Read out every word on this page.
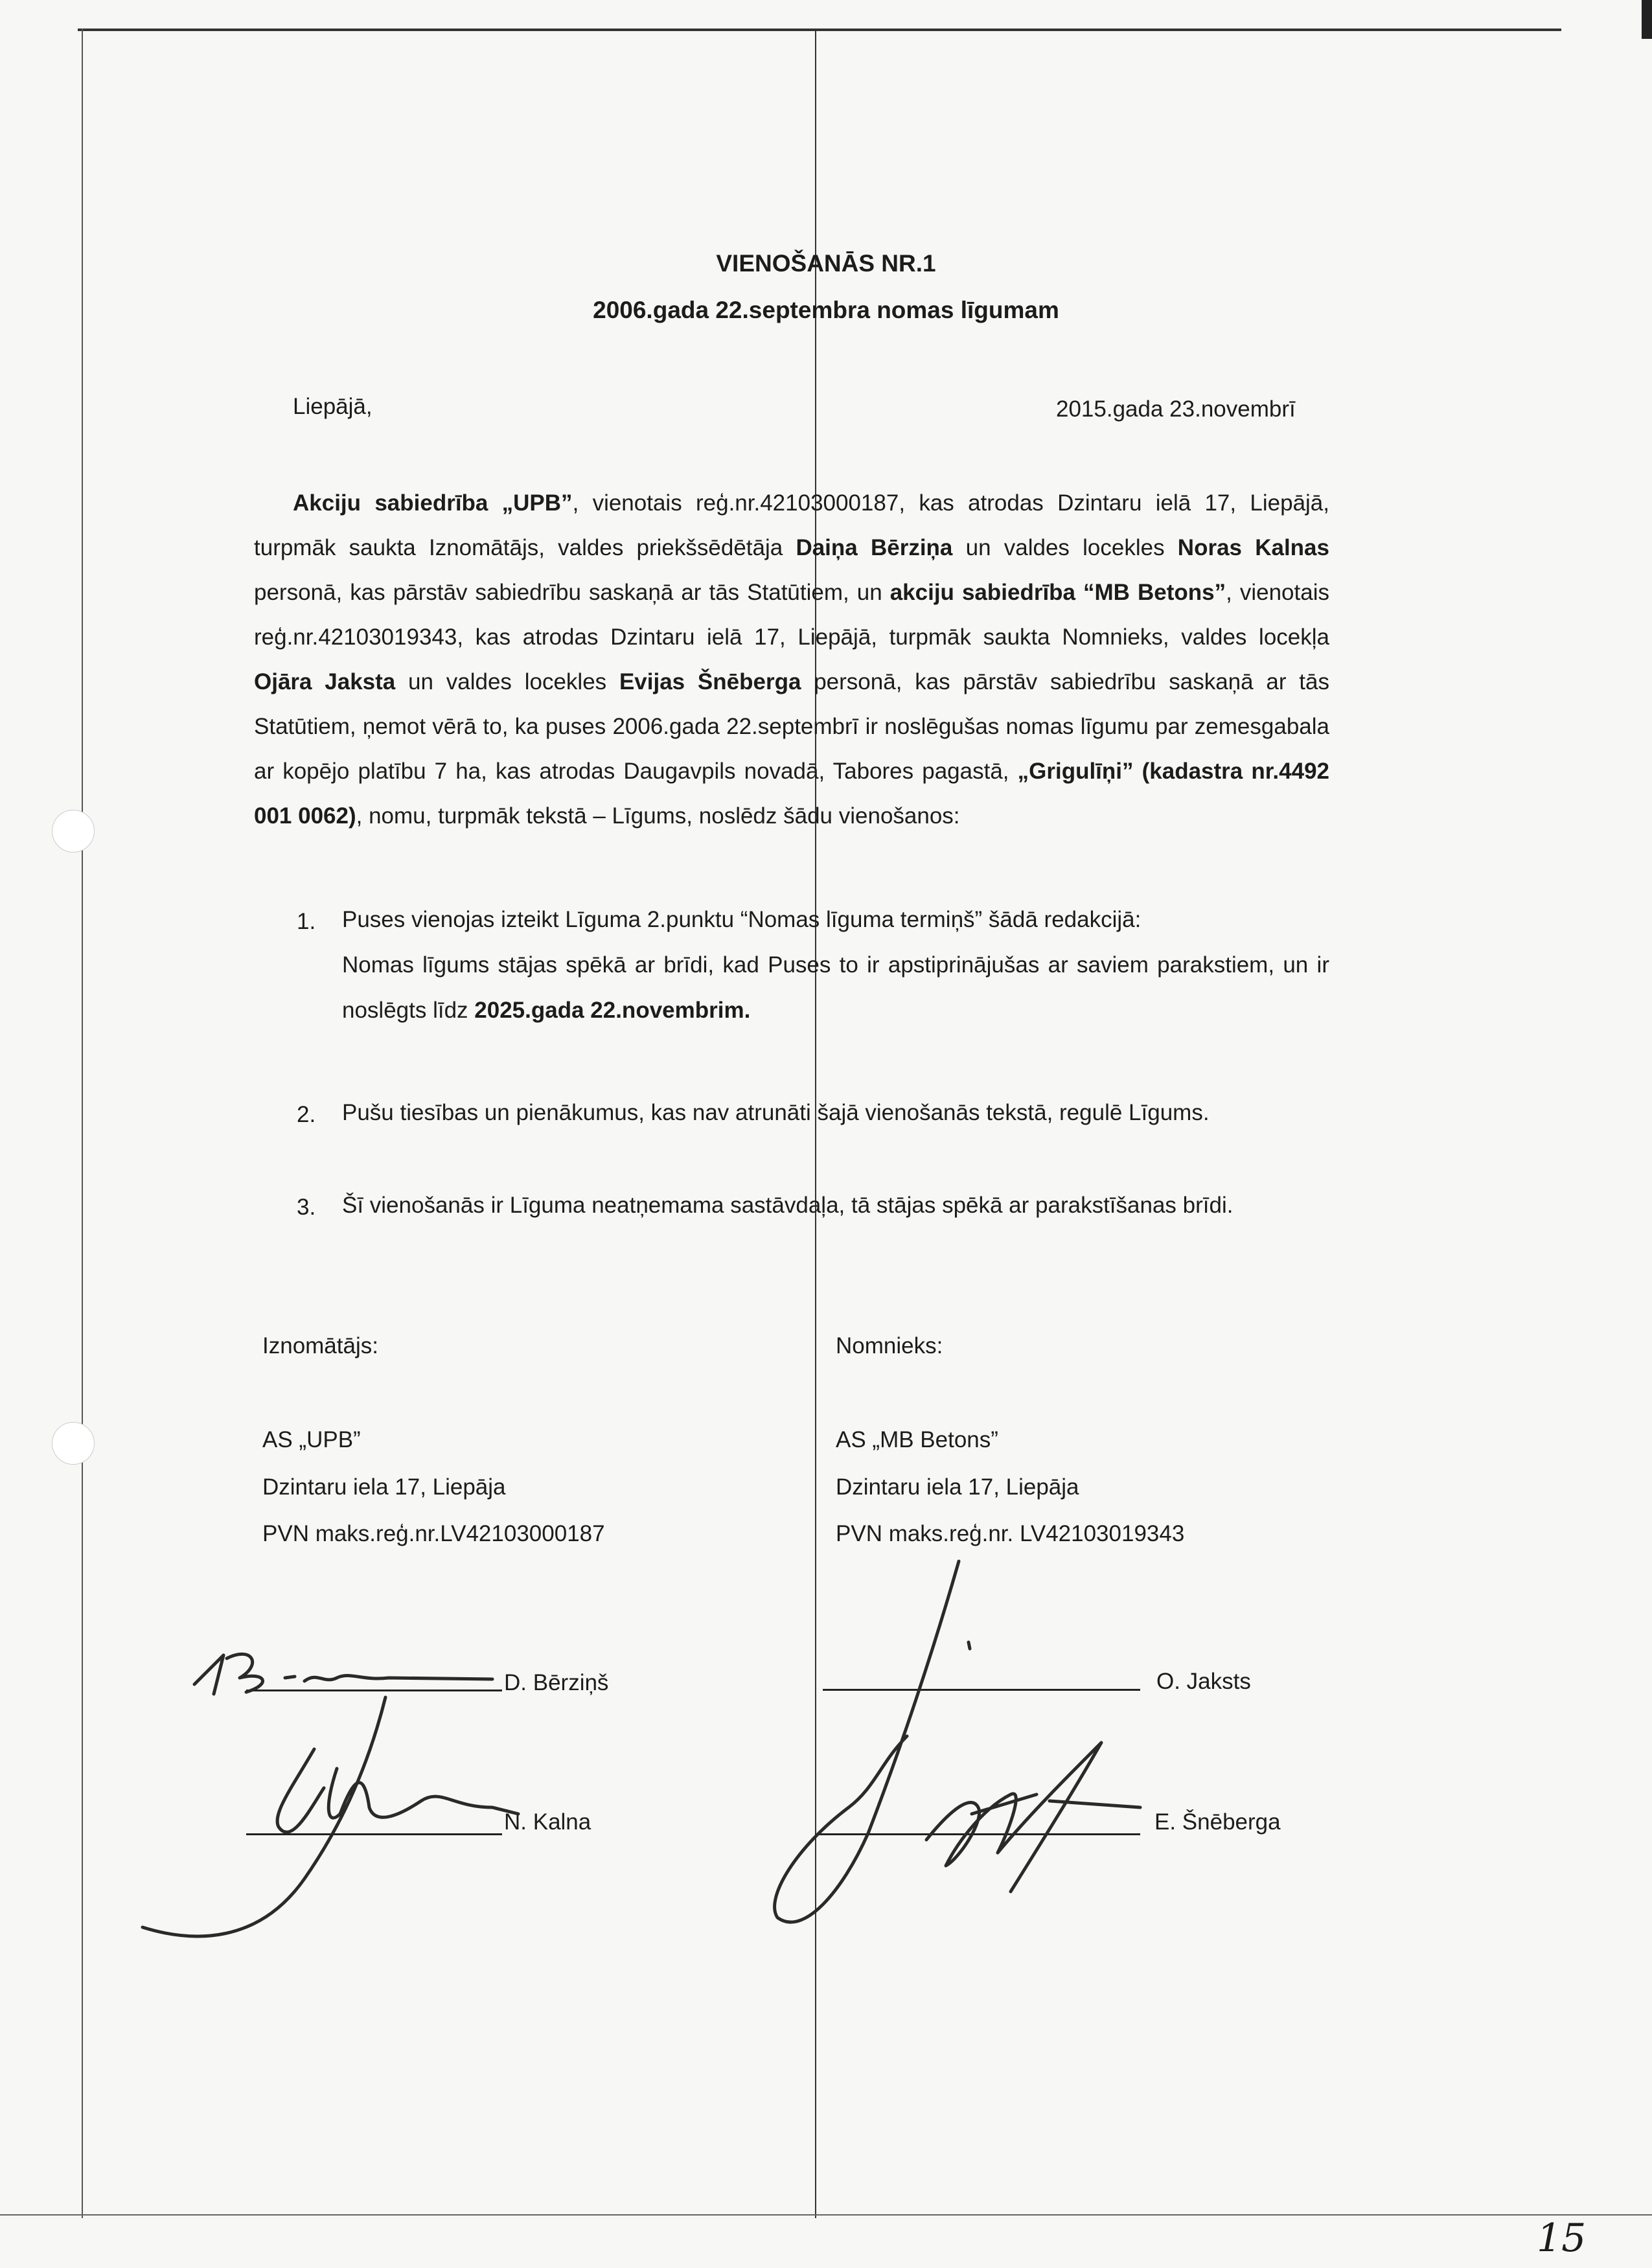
VIENOŠANĀS NR.1
2006.gada 22.septembra nomas līgumam
Liepājā,	2015.gada 23.novembrī
Akciju sabiedrība „UPB”, vienotais reģ.nr.42103000187, kas atrodas Dzintaru ielā 17, Liepājā, turpmāk saukta Iznomātājs, valdes priekšsēdētāja Daiņa Bērziņa un valdes locekles Noras Kalnas personā, kas pārstāv sabiedrību saskaņā ar tās Statūtiem, un akciju sabiedrība “MB Betons”, vienotais reģ.nr.42103019343, kas atrodas Dzintaru ielā 17, Liepājā, turpmāk saukta Nomnieks, valdes locekļa Ojāra Jaksta un valdes locekles Evijas Šnēberga personā, kas pārstāv sabiedrību saskaņā ar tās Statūtiem, ņemot vērā to, ka puses 2006.gada 22.septembrī ir noslēgušas nomas līgumu par zemesgabala ar kopējo platību 7 ha, kas atrodas Daugavpils novadā, Tabores pagastā, „Grigulīņi” (kadastra nr.4492 001 0062), nomu, turpmāk tekstā – Līgums, noslēdz šādu vienošanos:
1. Puses vienojas izteikt Līguma 2.punktu “Nomas līguma termiņš” šādā redakcijā:
Nomas līgums stājas spēkā ar brīdi, kad Puses to ir apstiprinājušas ar saviem parakstiem, un ir noslēgts līdz 2025.gada 22.novembrim.
2. Pušu tiesības un pienākumus, kas nav atrunāti šajā vienošanās tekstā, regulē Līgums.
3. Šī vienošanās ir Līguma neatņemama sastāvdaļa, tā stājas spēkā ar parakstīšanas brīdi.
Iznomātājs:
AS „UPB”
Dzintaru iela 17, Liepāja
PVN maks.reģ.nr.LV42103000187
D. Bērziņš
N. Kalna
Nomnieks:
AS „MB Betons”
Dzintaru iela 17, Liepāja
PVN maks.reģ.nr. LV42103019343
O. Jaksts
E. Šnēberga
15
